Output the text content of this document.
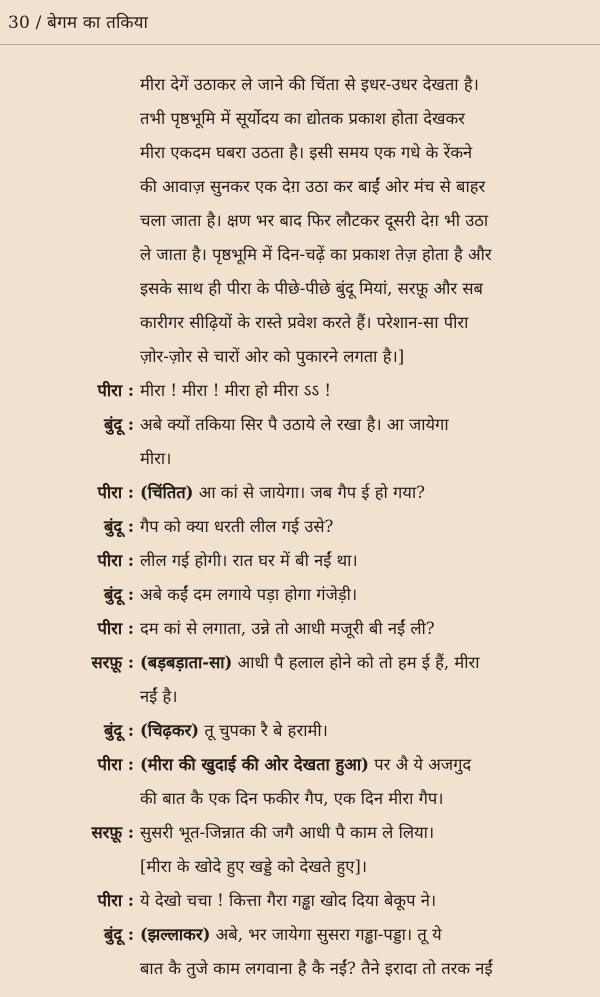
30 / बेगम का तकिया
मीरा देगें उठाकर ले जाने की चिंता से इधर-उधर देखता है।
तभी पृष्ठभूमि में सूर्योदय का द्योतक प्रकाश होता देखकर
मीरा एकदम घबरा उठता है। इसी समय एक गधे के रेंकने
की आवाज़ सुनकर एक देग़ उठा कर बाईं ओर मंच से बाहर
चला जाता है। क्षण भर बाद फिर लौटकर दूसरी देग़ भी उठा
ले जाता है। पृष्ठभूमि में दिन-चढ़ें का प्रकाश तेज़ होता है और
इसके साथ ही पीरा के पीछे-पीछे बुंदू मियां, सरफ़ू और सब
कारीगर सीढ़ियों के रास्ते प्रवेश करते हैं। परेशान-सा पीरा
ज़ोर-ज़ोर से चारों ओर को पुकारने लगता है।]
पीरा : मीरा ! मीरा ! मीरा हो मीरा ऽऽ !
बुंदू : अबे क्यों तकिया सिर पै उठाये ले रखा है। आ जायेगा
मीरा।
पीरा : (चिंतित) आ कां से जायेगा। जब गैप ई हो गया?
बुंदू : गैप को क्या धरती लील गई उसे?
पीरा : लील गई होगी। रात घर में बी नईं था।
बुंदू : अबे कईं दम लगाये पड़ा होगा गंजेड़ी।
पीरा : दम कां से लगाता, उन्ने तो आधी मजूरी बी नईं ली?
सरफ़ू : (बड़बड़ाता-सा) आधी पै हलाल होने को तो हम ई हैं, मीरा
नईं है।
बुंदू : (चिढ़कर) तू चुपका रै बे हरामी।
पीरा : (मीरा की खुदाई की ओर देखता हुआ) पर अै ये अजगुद
की बात कै एक दिन फकीर गैप, एक दिन मीरा गैप।
सरफ़ू : सुसरी भूत-जिन्नात की जगै आधी पै काम ले लिया।
[मीरा के खोदे हुए खड्डे को देखते हुए]।
पीरा : ये देखो चचा ! कित्ता गैरा गड्ढा खोद दिया बेकूप ने।
बुंदू : (झल्लाकर) अबे, भर जायेगा सुसरा गड्ढा-पड्डा। तू ये
बात कै तुजे काम लगवाना है कै नईं? तैने इरादा तो तरक नईं
